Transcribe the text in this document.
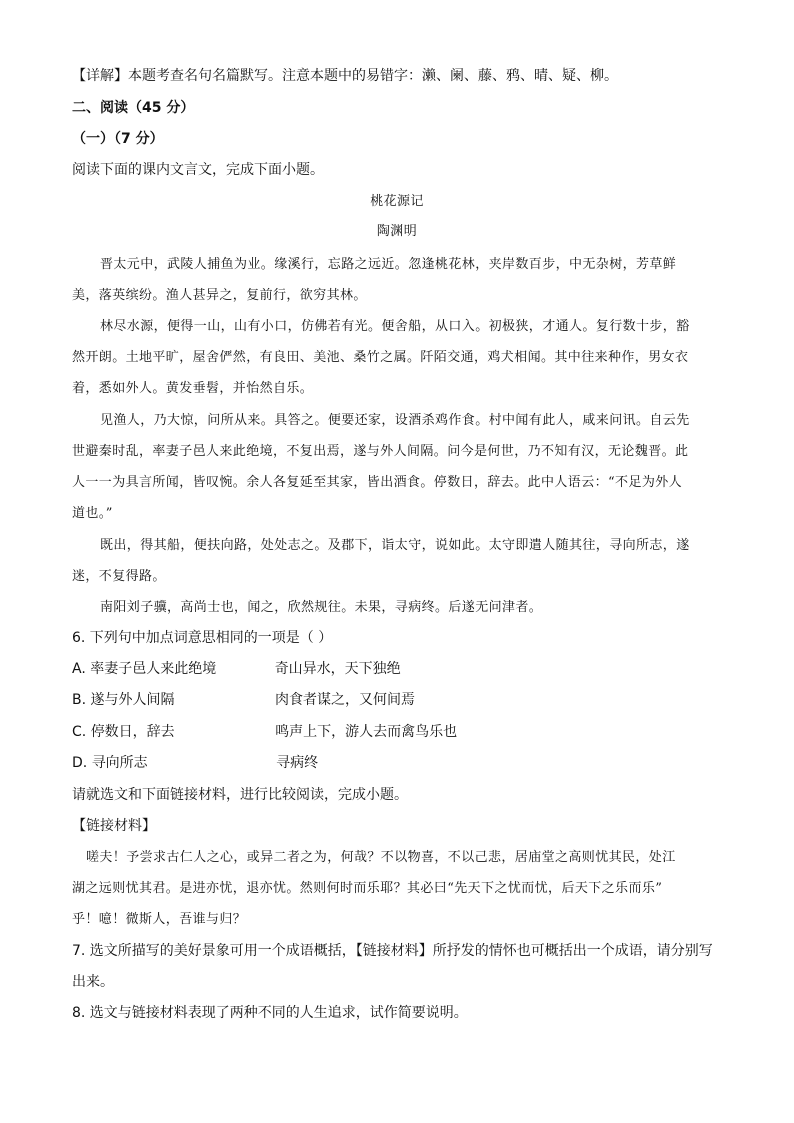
【详解】本题考查名句名篇默写。注意本题中的易错字：濑、阑、藤、鸦、晴、疑、柳。
二、阅读（45 分）
（一）（7 分）
阅读下面的课内文言文，完成下面小题。
桃花源记
陶渊明
晋太元中，武陵人捕鱼为业。缘溪行，忘路之远近。忽逢桃花林，夹岸数百步，中无杂树，芳草鲜
美，落英缤纷。渔人甚异之，复前行，欲穷其林。
林尽水源，便得一山，山有小口，仿佛若有光。便舍船，从口入。初极狭，才通人。复行数十步，豁
然开朗。土地平旷，屋舍俨然，有良田、美池、桑竹之属。阡陌交通，鸡犬相闻。其中往来种作，男女衣
着，悉如外人。黄发垂髫，并怡然自乐。
见渔人，乃大惊，问所从来。具答之。便要还家，设酒杀鸡作食。村中闻有此人，咸来问讯。自云先
世避秦时乱，率妻子邑人来此绝境，不复出焉，遂与外人间隔。问今是何世，乃不知有汉，无论魏晋。此
人一一为具言所闻，皆叹惋。余人各复延至其家，皆出酒食。停数日，辞去。此中人语云：“不足为外人
道也。”
既出，得其船，便扶向路，处处志之。及郡下，诣太守，说如此。太守即遣人随其往，寻向所志，遂
迷，不复得路。
南阳刘子骥，高尚士也，闻之，欣然规往。未果，寻病终。后遂无问津者。
6. 下列句中加点词意思相同的一项是（ ）
A. 率妻子邑人来此绝境	奇山异水，天下独绝
B. 遂与外人间隔	肉食者谋之，又何间焉
C. 停数日，辞去	鸣声上下，游人去而禽鸟乐也
D. 寻向所志	寻病终
请就选文和下面链接材料，进行比较阅读，完成小题。
【链接材料】
嗟夫！予尝求古仁人之心，或异二者之为，何哉？不以物喜，不以己悲，居庙堂之高则忧其民，处江
湖之远则忧其君。是进亦忧，退亦忧。然则何时而乐耶？其必曰“先天下之忧而忧，后天下之乐而乐”
乎！噫！微斯人，吾谁与归？
7. 选文所描写的美好景象可用一个成语概括，【链接材料】所抒发的情怀也可概括出一个成语，请分别写
出来。
8. 选文与链接材料表现了两种不同的人生追求，试作简要说明。
